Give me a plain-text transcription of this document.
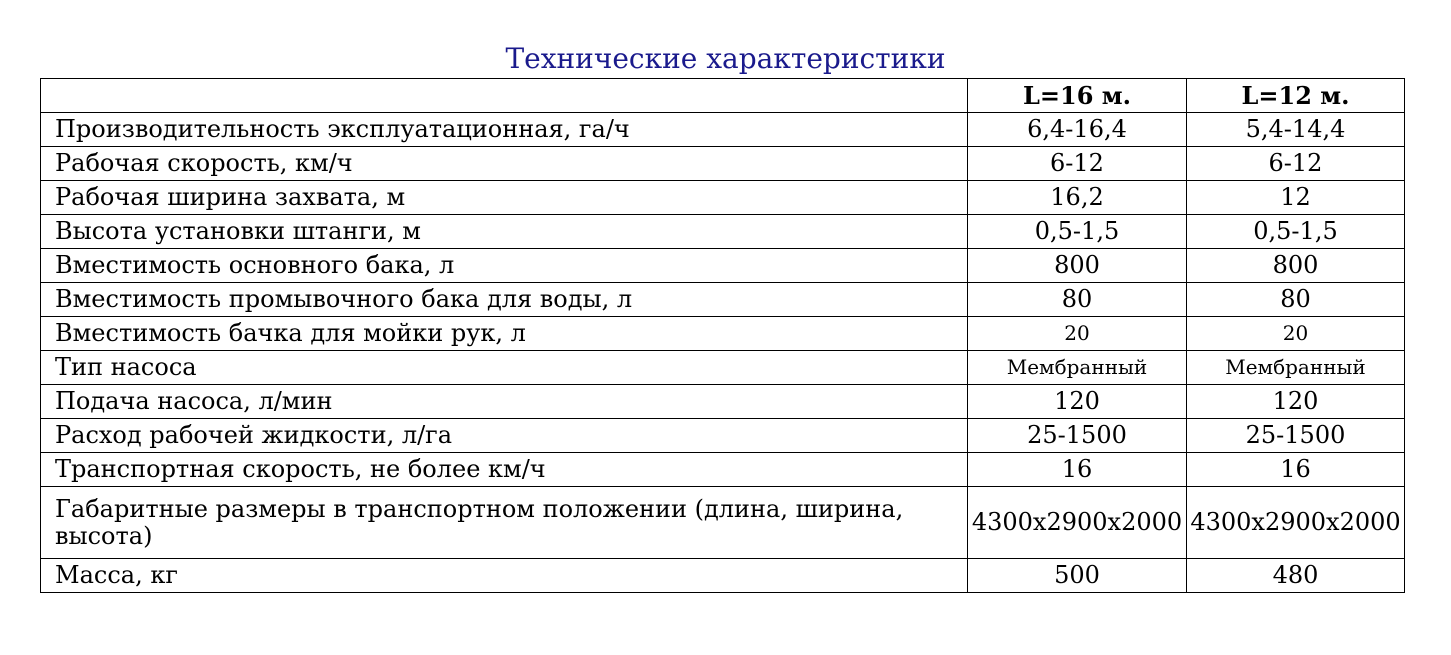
Технические характеристики
	L=16 м.	L=12 м.
Производительность эксплуатационная, га/ч	6,4-16,4	5,4-14,4
Рабочая скорость, км/ч	6-12	6-12
Рабочая ширина захвата, м	16,2	12
Высота установки штанги, м	0,5-1,5	0,5-1,5
Вместимость основного бака, л	800	800
Вместимость промывочного бака для воды, л	80	80
Вместимость бачка для мойки рук, л	20	20
Тип насоса	Мембранный	Мембранный
Подача насоса, л/мин	120	120
Расход рабочей жидкости, л/га	25-1500	25-1500
Транспортная скорость, не более км/ч	16	16
Габаритные размеры в транспортном положении (длина, ширина, высота)	4300x2900x2000	4300x2900x2000
Масса, кг	500	480
